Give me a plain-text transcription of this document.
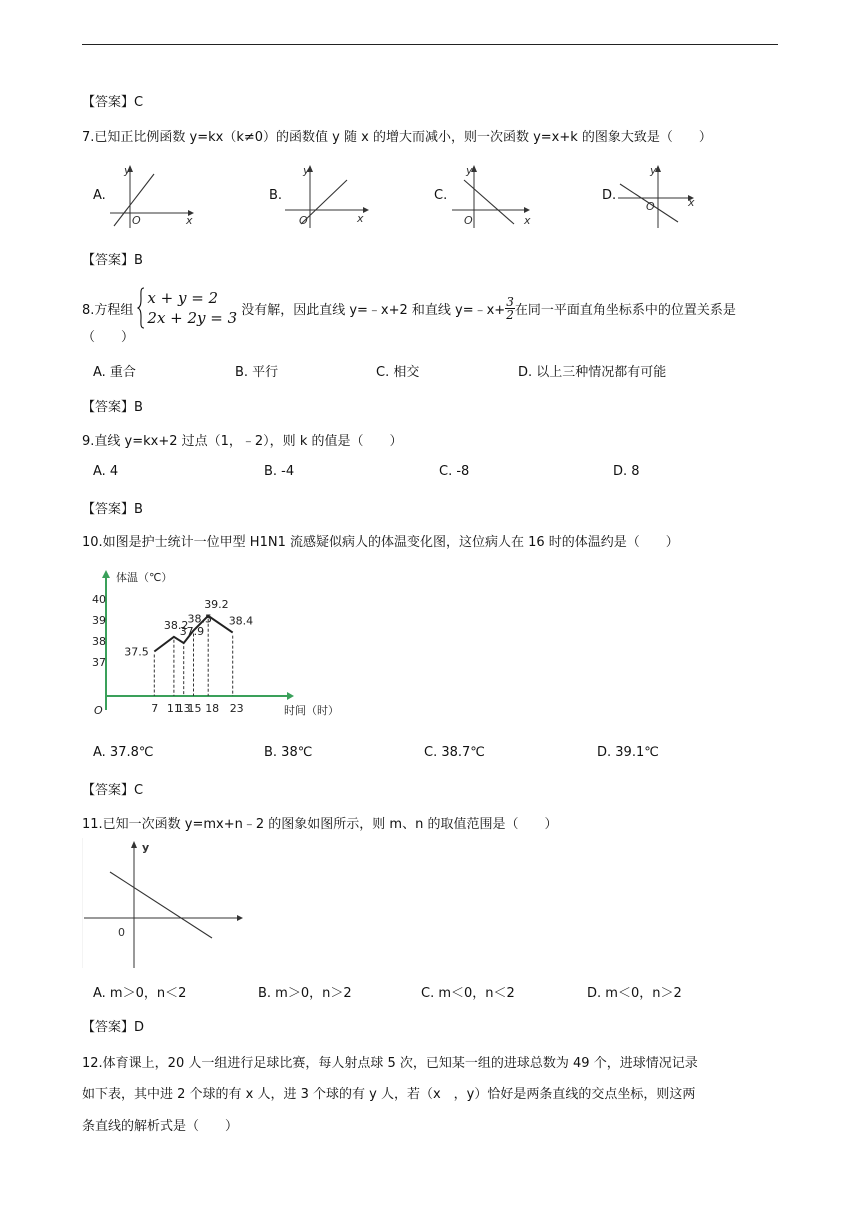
【答案】C
7.已知正比例函数 y=kx（k≠0）的函数值 y 随 x 的增大而减小，则一次函数 y=x+k 的图象大致是（　　）
A.
y
x
O
B.
y
x
O
C.
y
x
O
D.
y
x
O
【答案】B
8.方程组
x + y = 2
2x + 2y = 3 没有解，因此直线 y=﹣x+2 和直线 y=﹣x+ $\frac{3}{2}$ 在同一平面直角坐标系中的位置关系是
（　　）
A. 重合	B. 平行	C. 相交	D. 以上三种情况都有可能
【答案】B
9.直线 y=kx+2 过点（1，﹣2），则 k 的值是（　　）
A. 4	B. -4	C. -8	D. 8
【答案】B
10.如图是护士统计一位甲型 H1N1 流感疑似病人的体温变化图，这位病人在 16 时的体温约是（　　）
体温（℃）
时间（时）
O
37
38
39
40
7 11
13
15 18 23
37.5
38.2
37.9
38.5
39.2
38.4
A. 37.8℃	B. 38℃	C. 38.7℃	D. 39.1℃
【答案】C
11.已知一次函数 y=mx+n﹣2 的图象如图所示，则 m、n 的取值范围是（　　）
y
0
A. m＞0，n＜2	B. m＞0，n＞2	C. m＜0，n＜2	D. m＜0，n＞2
【答案】D
12.体育课上，20 人一组进行足球比赛，每人射点球 5 次，已知某一组的进球总数为 49 个，进球情况记录
如下表，其中进 2 个球的有 x 人，进 3 个球的有 y 人，若（x　，y）恰好是两条直线的交点坐标，则这两
条直线的解析式是（　　）
